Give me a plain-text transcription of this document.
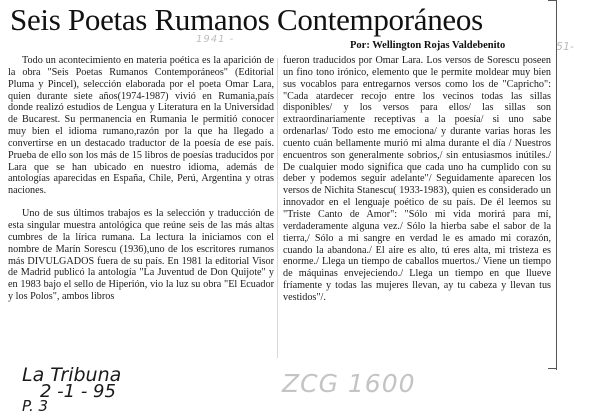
Seis Poetas Rumanos Contemporáneos
1941 -
Por: Wellington Rojas Valdebenito	51-

Todo un acontecimiento en materia poética es la aparición de la obra "Seis Poetas Rumanos Contemporáneos" (Editorial Pluma y Pincel), selección elaborada por el poeta Omar Lara, quien durante siete años(1974-1987) vivió en Rumania,país donde realizó estudios de Lengua y Literatura en la Universidad de Bucarest. Su permanencia en Rumania le permitió conocer muy bien el idioma rumano,razón por la que ha llegado a convertirse en un destacado traductor de la poesía de ese país. Prueba de ello son los más de 15 libros de poesías traducidos por Lara que se han ubicado en nuestro idioma, además de antologías aparecidas en España, Chile, Perú, Argentina y otras naciones.

Uno de sus últimos trabajos es la selección y traducción de esta singular muestra antológica que reúne seis de las más altas cumbres de la lírica rumana. La lectura la iniciamos con el nombre de Marín Sorescu (1936),uno de los escritores rumanos más DIVULGADOS fuera de su país. En 1981 la editorial Visor de Madrid publicó la antología "La Juventud de Don Quijote" y en 1983 bajo el sello de Hiperión, vio la luz su obra "El Ecuador y los Polos", ambos libros

fueron traducidos por Omar Lara. Los versos de Sorescu poseen un fino tono irónico, elemento que le permite moldear muy bien sus vocablos para entregarnos versos como los de "Capricho": "Cada atardecer recojo entre los vecinos todas las sillas disponibles/ y los versos para ellos/ las sillas son extraordinariamente receptivas a la poesía/ si uno sabe ordenarlas/ Todo esto me emociona/ y durante varias horas les cuento cuán bellamente murió mi alma durante el día / Nuestros encuentros son generalmente sobrios,/ sin entusiasmos inútiles./ De cualquier modo significa que cada uno ha cumplido con su deber y podemos seguir adelante"/ Seguidamente aparecen los versos de Nichita Stanescu( 1933-1983), quien es considerado un innovador en el lenguaje poético de su país. De él leemos su "Triste Canto de Amor": "Sólo mi vida morirá para mí, verdaderamente alguna vez./ Sólo la hierba sabe el sabor de la tierra,/ Sólo a mi sangre en verdad le es amado mi corazón, cuando la abandona./ El aire es alto, tú eres alta, mi tristeza es enorme./ Llega un tiempo de caballos muertos./ Viene un tiempo de máquinas envejeciendo./ Llega un tiempo en que llueve fríamente y todas las mujeres llevan, ay tu cabeza y llevan tus vestidos"/.

La Tribuna
2 -1 - 95
P. 3
ZCG 1600
